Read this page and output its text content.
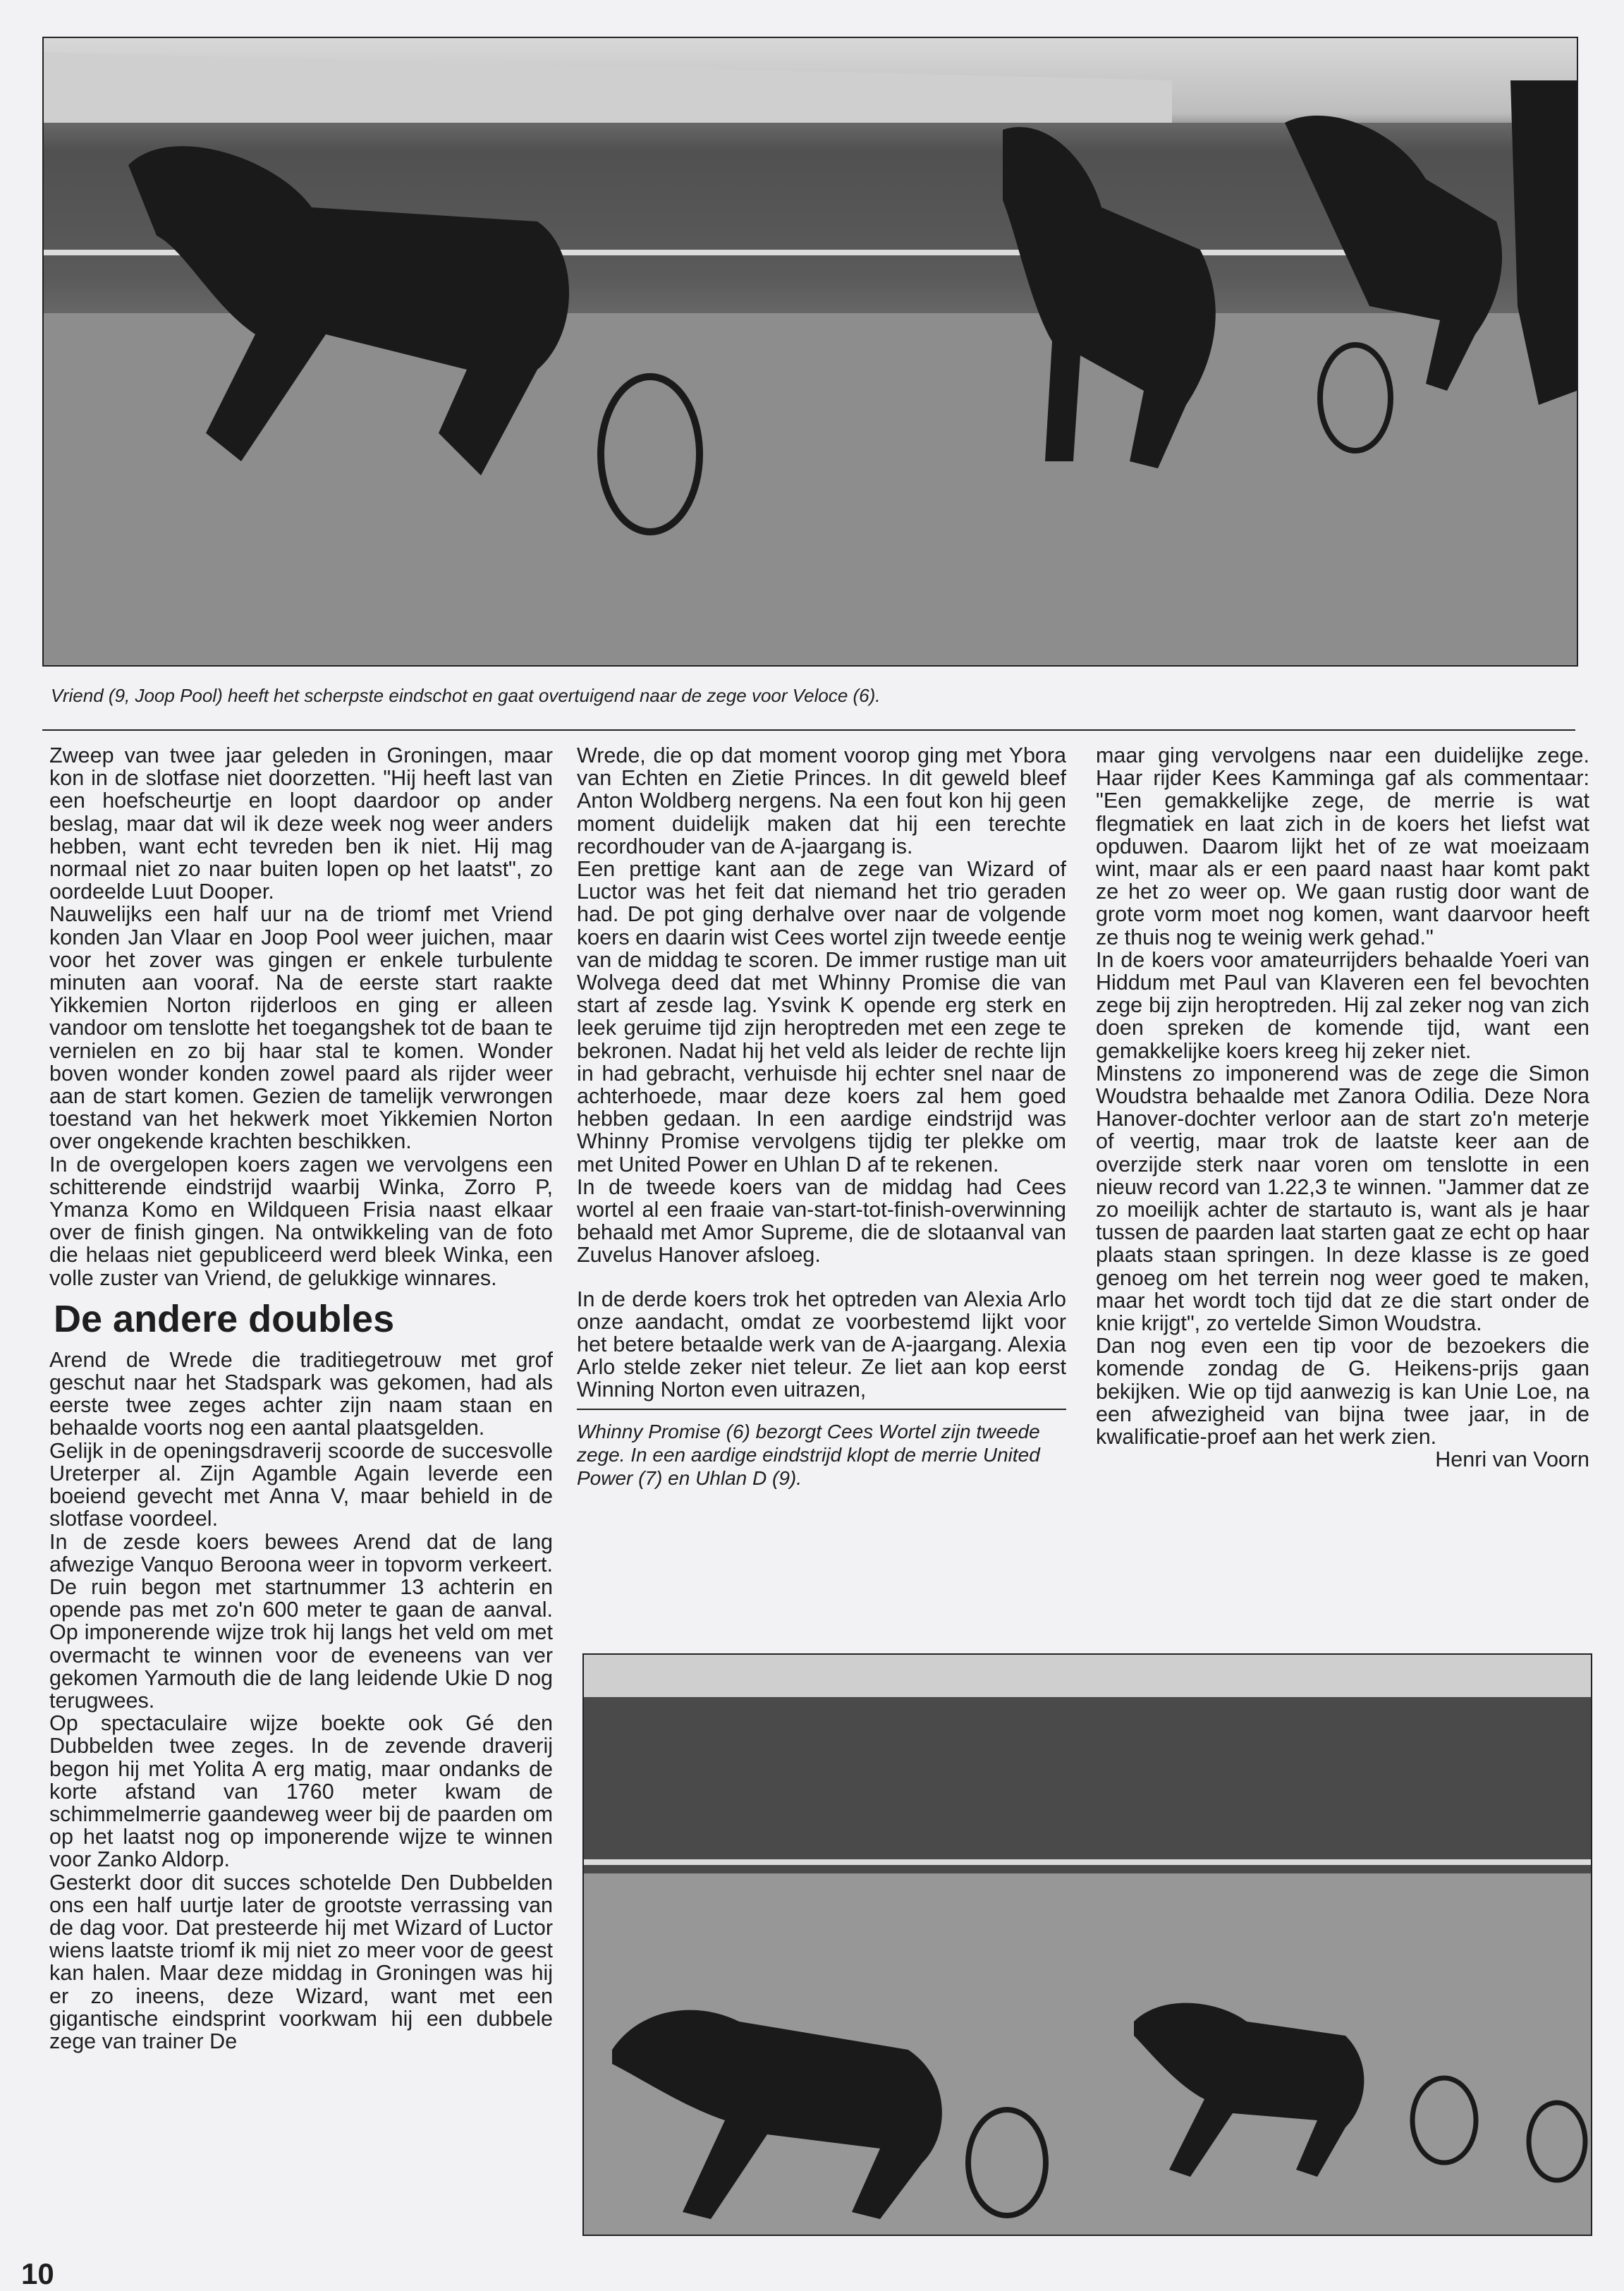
Vriend (9, Joop Pool) heeft het scherpste eindschot en gaat overtuigend naar de zege voor Veloce (6).

Zweep van twee jaar geleden in Groningen, maar kon in de slotfase niet doorzetten. "Hij heeft last van een hoefscheurtje en loopt daardoor op ander beslag, maar dat wil ik deze week nog weer anders hebben, want echt tevreden ben ik niet. Hij mag normaal niet zo naar buiten lopen op het laatst", zo oordeelde Luut Dooper.

Nauwelijks een half uur na de triomf met Vriend konden Jan Vlaar en Joop Pool weer juichen, maar voor het zover was gingen er enkele turbulente minuten aan vooraf. Na de eerste start raakte Yikkemien Norton rijderloos en ging er alleen vandoor om tenslotte het toegangshek tot de baan te vernielen en zo bij haar stal te komen. Wonder boven wonder konden zowel paard als rijder weer aan de start komen. Gezien de tamelijk verwrongen toestand van het hekwerk moet Yikkemien Norton over ongekende krachten beschikken.

In de overgelopen koers zagen we vervolgens een schitterende eindstrijd waarbij Winka, Zorro P, Ymanza Komo en Wildqueen Frisia naast elkaar over de finish gingen. Na ontwikkeling van de foto die helaas niet gepubliceerd werd bleek Winka, een volle zuster van Vriend, de gelukkige winnares.

De andere doubles

Arend de Wrede die traditiegetrouw met grof geschut naar het Stadspark was gekomen, had als eerste twee zeges achter zijn naam staan en behaalde voorts nog een aantal plaatsgelden.

Gelijk in de openingsdraverij scoorde de succesvolle Ureterper al. Zijn Agamble Again leverde een boeiend gevecht met Anna V, maar behield in de slotfase voordeel.

In de zesde koers bewees Arend dat de lang afwezige Vanquo Beroona weer in topvorm verkeert. De ruin begon met startnummer 13 achterin en opende pas met zo'n 600 meter te gaan de aanval. Op imponerende wijze trok hij langs het veld om met overmacht te winnen voor de eveneens van ver gekomen Yarmouth die de lang leidende Ukie D nog terugwees.

Op spectaculaire wijze boekte ook Gé den Dubbelden twee zeges. In de zevende draverij begon hij met Yolita A erg matig, maar ondanks de korte afstand van 1760 meter kwam de schimmelmerrie gaandeweg weer bij de paarden om op het laatst nog op imponerende wijze te winnen voor Zanko Aldorp.

Gesterkt door dit succes schotelde Den Dubbelden ons een half uurtje later de grootste verrassing van de dag voor. Dat presteerde hij met Wizard of Luctor wiens laatste triomf ik mij niet zo meer voor de geest kan halen. Maar deze middag in Groningen was hij er zo ineens, deze Wizard, want met een gigantische eindsprint voorkwam hij een dubbele zege van trainer De

Wrede, die op dat moment voorop ging met Ybora van Echten en Zietie Princes. In dit geweld bleef Anton Woldberg nergens. Na een fout kon hij geen moment duidelijk maken dat hij een terechte recordhouder van de A-jaargang is.

Een prettige kant aan de zege van Wizard of Luctor was het feit dat niemand het trio geraden had. De pot ging derhalve over naar de volgende koers en daarin wist Cees wortel zijn tweede eentje van de middag te scoren. De immer rustige man uit Wolvega deed dat met Whinny Promise die van start af zesde lag. Ysvink K opende erg sterk en leek geruime tijd zijn heroptreden met een zege te bekronen. Nadat hij het veld als leider de rechte lijn in had gebracht, verhuisde hij echter snel naar de achterhoede, maar deze koers zal hem goed hebben gedaan. In een aardige eindstrijd was Whinny Promise vervolgens tijdig ter plekke om met United Power en Uhlan D af te rekenen.

In de tweede koers van de middag had Cees wortel al een fraaie van-start-tot-finish-overwinning behaald met Amor Supreme, die de slotaanval van Zuvelus Hanover afsloeg.

In de derde koers trok het optreden van Alexia Arlo onze aandacht, omdat ze voorbestemd lijkt voor het betere betaalde werk van de A-jaargang. Alexia Arlo stelde zeker niet teleur. Ze liet aan kop eerst Winning Norton even uitrazen,

Whinny Promise (6) bezorgt Cees Wortel zijn tweede zege. In een aardige eindstrijd klopt de merrie United Power (7) en Uhlan D (9).

maar ging vervolgens naar een duidelijke zege. Haar rijder Kees Kamminga gaf als commentaar: "Een gemakkelijke zege, de merrie is wat flegmatiek en laat zich in de koers het liefst wat opduwen. Daarom lijkt het of ze wat moeizaam wint, maar als er een paard naast haar komt pakt ze het zo weer op. We gaan rustig door want de grote vorm moet nog komen, want daarvoor heeft ze thuis nog te weinig werk gehad."

In de koers voor amateurrijders behaalde Yoeri van Hiddum met Paul van Klaveren een fel bevochten zege bij zijn heroptreden. Hij zal zeker nog van zich doen spreken de komende tijd, want een gemakkelijke koers kreeg hij zeker niet.

Minstens zo imponerend was de zege die Simon Woudstra behaalde met Zanora Odilia. Deze Nora Hanover-dochter verloor aan de start zo'n meterje of veertig, maar trok de laatste keer aan de overzijde sterk naar voren om tenslotte in een nieuw record van 1.22,3 te winnen. "Jammer dat ze zo moeilijk achter de startauto is, want als je haar tussen de paarden laat starten gaat ze echt op haar plaats staan springen. In deze klasse is ze goed genoeg om het terrein nog weer goed te maken, maar het wordt toch tijd dat ze die start onder de knie krijgt", zo vertelde Simon Woudstra.

Dan nog even een tip voor de bezoekers die komende zondag de G. Heikens-prijs gaan bekijken. Wie op tijd aanwezig is kan Unie Loe, na een afwezigheid van bijna twee jaar, in de kwalificatie-proef aan het werk zien.

Henri van Voorn

10
